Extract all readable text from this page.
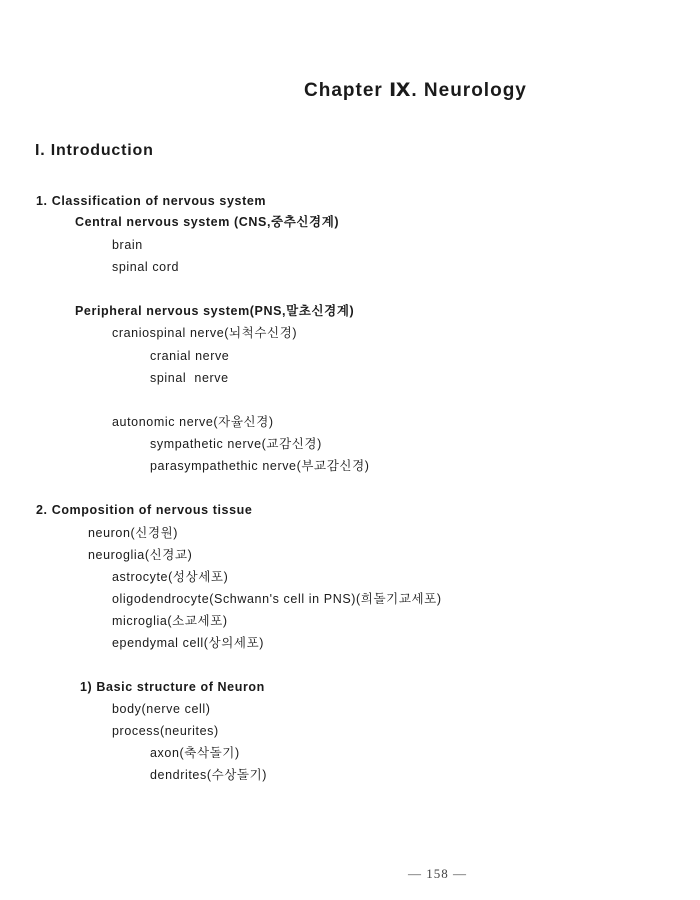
Chapter Ⅸ. Neurology
I. Introduction
1. Classification of nervous system
Central nervous system (CNS,중추신경계)
brain
spinal cord
Peripheral nervous system(PNS,말초신경계)
craniospinal nerve(뇌척수신경)
cranial nerve
spinal  nerve
autonomic nerve(자율신경)
sympathetic nerve(교감신경)
parasympathethic nerve(부교감신경)
2. Composition of nervous tissue
neuron(신경원)
neuroglia(신경교)
astrocyte(성상세포)
oligodendrocyte(Schwann's cell in PNS)(희돌기교세포)
microglia(소교세포)
ependymal cell(상의세포)
1) Basic structure of Neuron
body(nerve cell)
process(neurites)
axon(축삭돌기)
dendrites(수상돌기)
— 158 —
